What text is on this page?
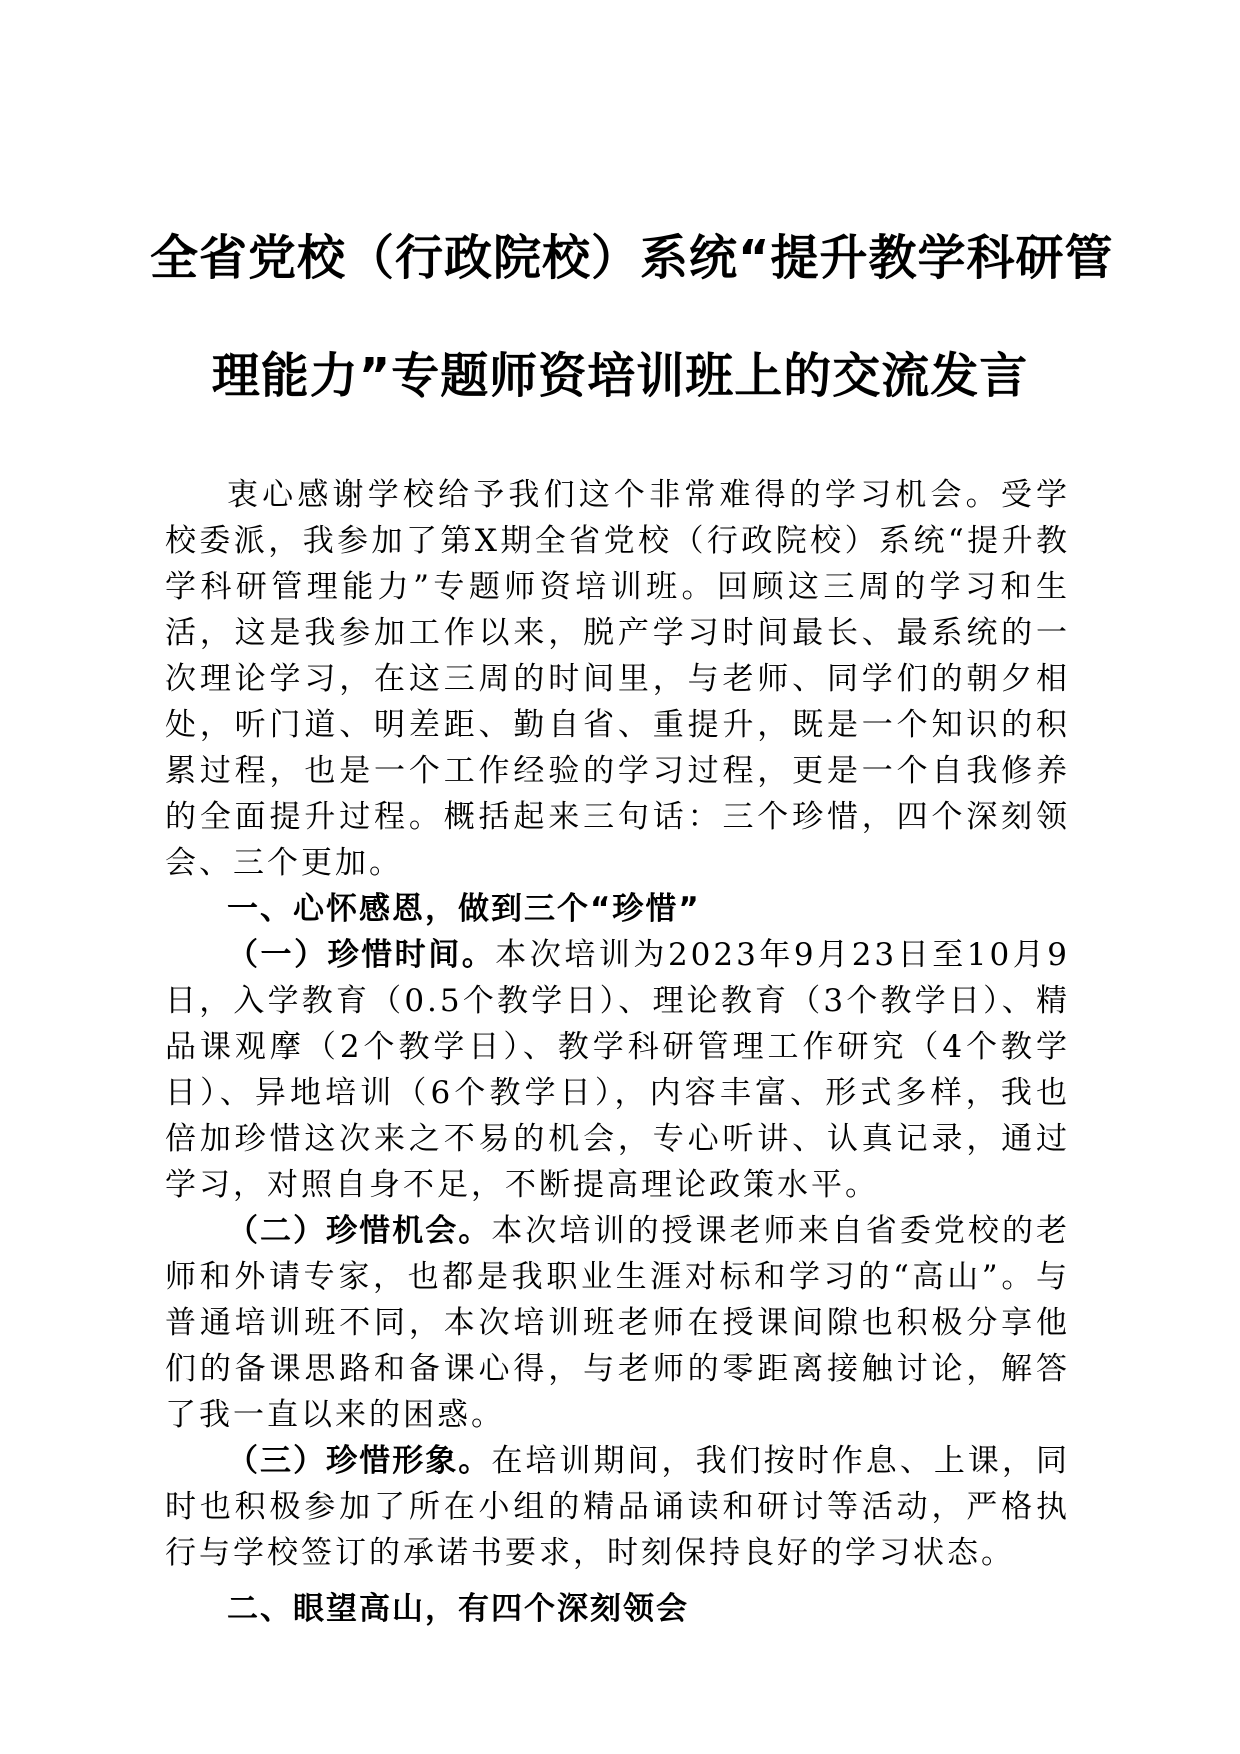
全省党校（行政院校）系统“提升教学科研管
理能力”专题师资培训班上的交流发言

衷心感谢学校给予我们这个非常难得的学习机会。受学校委派，我参加了第X期全省党校（行政院校）系统“提升教学科研管理能力”专题师资培训班。回顾这三周的学习和生活，这是我参加工作以来，脱产学习时间最长、最系统的一次理论学习，在这三周的时间里，与老师、同学们的朝夕相处，听门道、明差距、勤自省、重提升，既是一个知识的积累过程，也是一个工作经验的学习过程，更是一个自我修养的全面提升过程。概括起来三句话：三个珍惜，四个深刻领会、三个更加。

一、心怀感恩，做到三个“珍惜”

（一）珍惜时间。本次培训为2023年9月23日至10月9日，入学教育（0.5个教学日）、理论教育（3个教学日）、精品课观摩（2个教学日）、教学科研管理工作研究（4个教学日）、异地培训（6个教学日），内容丰富、形式多样，我也倍加珍惜这次来之不易的机会，专心听讲、认真记录，通过学习，对照自身不足，不断提高理论政策水平。

（二）珍惜机会。本次培训的授课老师来自省委党校的老师和外请专家，也都是我职业生涯对标和学习的“高山”。与普通培训班不同，本次培训班老师在授课间隙也积极分享他们的备课思路和备课心得，与老师的零距离接触讨论，解答了我一直以来的困惑。

（三）珍惜形象。在培训期间，我们按时作息、上课，同时也积极参加了所在小组的精品诵读和研讨等活动，严格执行与学校签订的承诺书要求，时刻保持良好的学习状态。

二、眼望高山，有四个深刻领会
